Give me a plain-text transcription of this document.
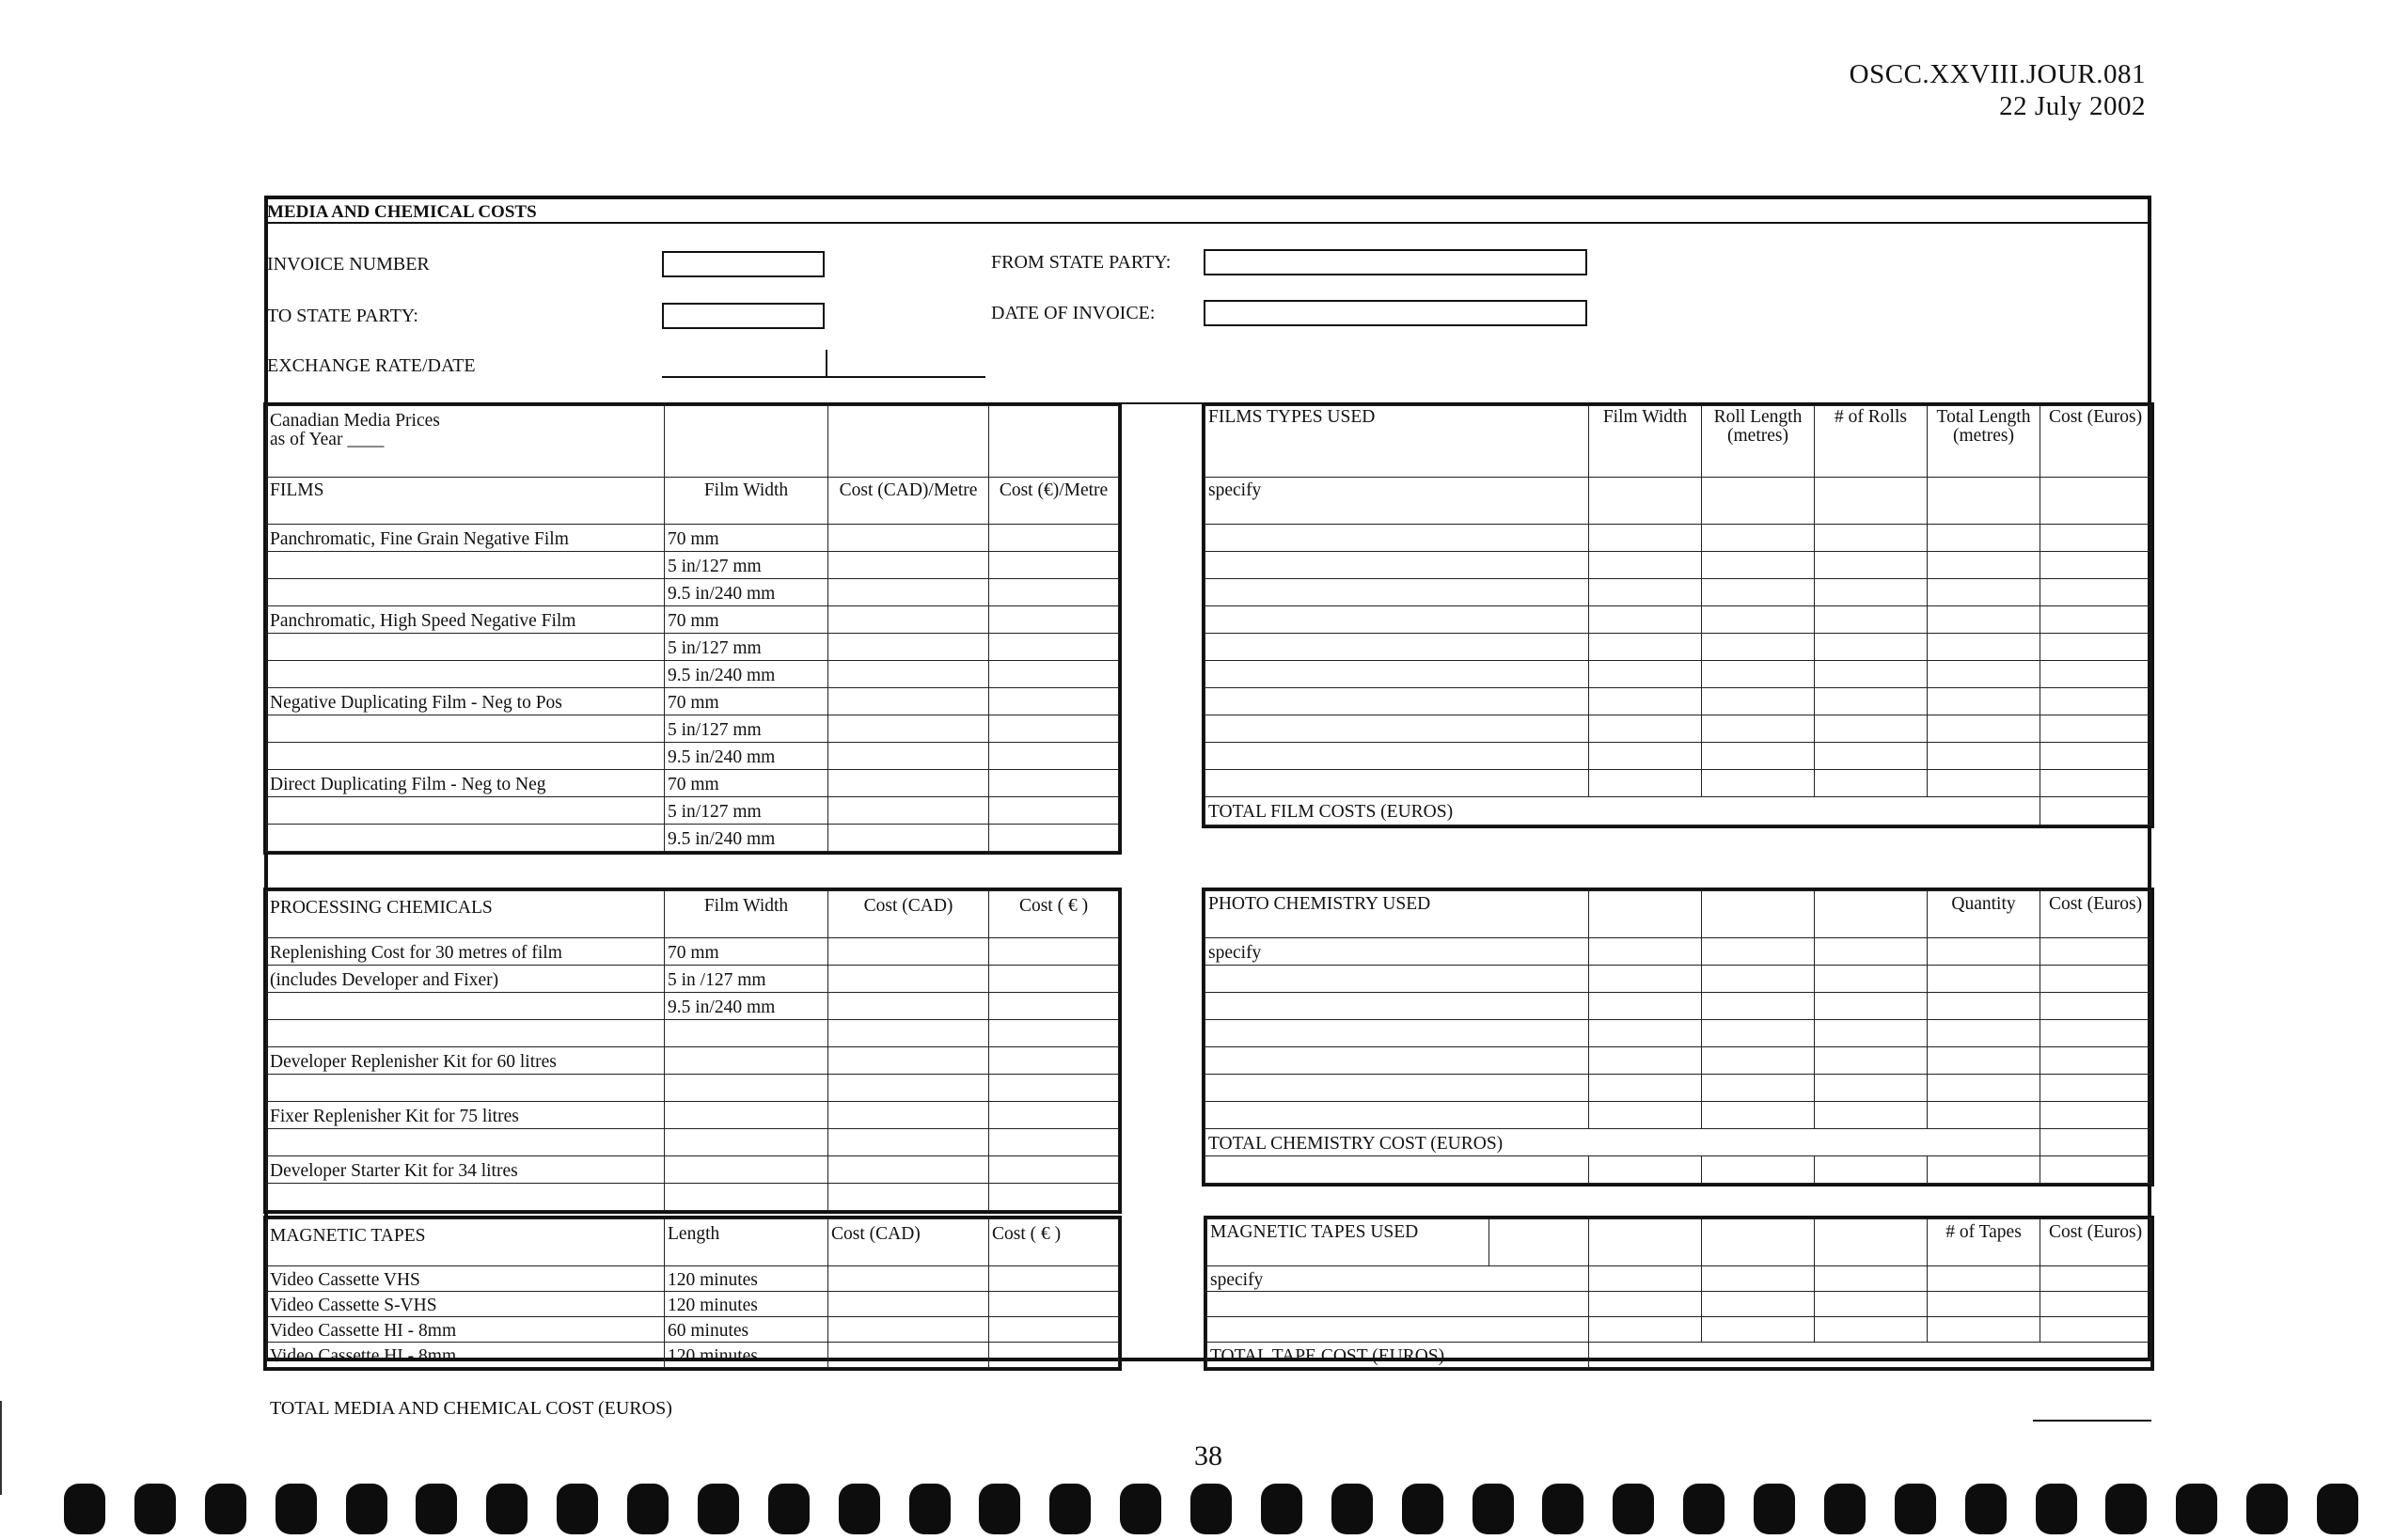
OSCC.XXVIII.JOUR.081
22 July 2002
MEDIA AND CHEMICAL COSTS
INVOICE NUMBER
TO STATE PARTY:
EXCHANGE RATE/DATE
FROM STATE PARTY:
DATE OF INVOICE:
Canadian Media Prices
as of Year ____			

FILMS	Film Width	Cost (CAD)/Metre	Cost (€)/Metre
Panchromatic, Fine Grain Negative Film	70 mm		
	5 in/127 mm		
	9.5 in/240 mm		
Panchromatic, High Speed Negative Film	70 mm		
	5 in/127 mm		
	9.5 in/240 mm		
Negative Duplicating Film - Neg to Pos	70 mm		
	5 in/127 mm		
	9.5 in/240 mm		
Direct Duplicating Film - Neg to Neg	70 mm		
	5 in/127 mm		
	9.5 in/240 mm		
FILMS TYPES USED	Film Width	Roll Length (metres)	# of Rolls	Total Length (metres)	Cost (Euros)
specify					

TOTAL FILM COSTS (EUROS)					
PROCESSING CHEMICALS	Film Width	Cost (CAD)	Cost ( € )
Replenishing Cost for 30 metres of film	70 mm		
(includes Developer and Fixer)	5 in /127 mm		
	9.5 in/240 mm		

Developer Replenisher Kit for 60 litres			

Fixer Replenisher Kit for 75 litres			

Developer Starter Kit for 34 litres			

PHOTO CHEMISTRY USED				Quantity	Cost (Euros)
specify					

TOTAL CHEMISTRY COST (EUROS)					

MAGNETIC TAPES	Length	Cost (CAD)	Cost ( € )
Video Cassette VHS	120 minutes		
Video Cassette S-VHS	120 minutes		
Video Cassette HI - 8mm	60 minutes		
Video Cassette HI - 8mm	120 minutes		
MAGNETIC TAPES USED					# of Tapes	Cost (Euros)
specify						

TOTAL TAPE COST (EUROS)						
TOTAL MEDIA AND CHEMICAL COST (EUROS)
38
